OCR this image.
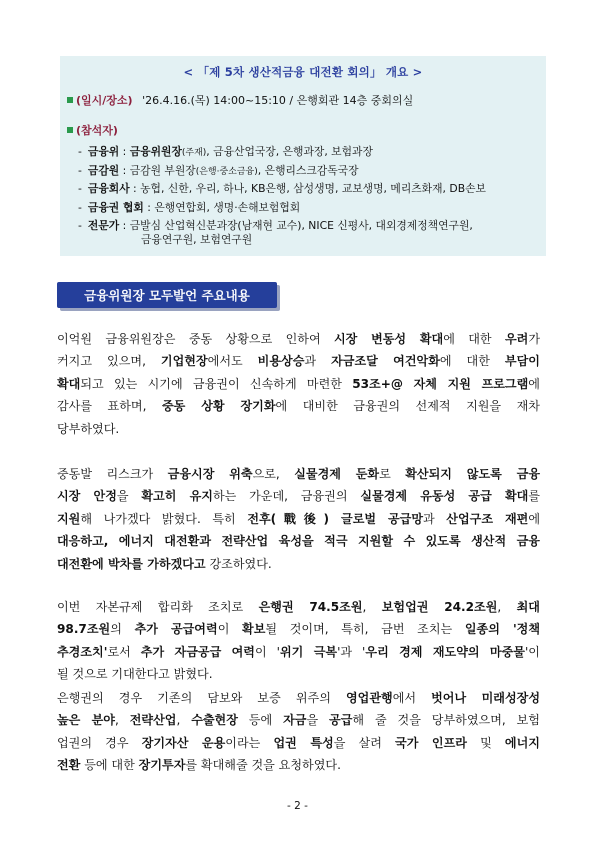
< 「제 5차 생산적금융 대전환 회의」 개요 >
(일시/장소) '26.4.16.(목) 14:00~15:10 / 은행회관 14층 중회의실
(참석자)
- 금융위 : 금융위원장(주재), 금융산업국장, 은행과장, 보험과장
- 금감원 : 금감원 부원장(은행·중소금융), 은행리스크감독국장
- 금융회사 : 농협, 신한, 우리, 하나, KB은행, 삼성생명, 교보생명, 메리츠화재, DB손보
- 금융권 협회 : 은행연합회, 생명·손해보험협회
- 전문가 : 금발심 산업혁신분과장(남재현 교수), NICE 신평사, 대외경제정책연구원,
금융연구원, 보험연구원
금융위원장 모두발언 주요내용
이억원 금융위원장은 중동 상황으로 인하여 시장 변동성 확대에 대한 우려가
커지고 있으며, 기업현장에서도 비용상승과 자금조달 여건악화에 대한 부담이
확대되고 있는 시기에 금융권이 신속하게 마련한 53조+@ 자체 지원 프로그램에
감사를 표하며, 중동 상황 장기화에 대비한 금융권의 선제적 지원을 재차
당부하였다.
중동발 리스크가 금융시장 위축으로, 실물경제 둔화로 확산되지 않도록 금융
시장 안정을 확고히 유지하는 가운데, 금융권의 실물경제 유동성 공급 확대를
지원해 나가겠다 밝혔다. 특히 전후(戰後) 글로벌 공급망과 산업구조 재편에
대응하고, 에너지 대전환과 전략산업 육성을 적극 지원할 수 있도록 생산적 금융
대전환에 박차를 가하겠다고 강조하였다.
이번 자본규제 합리화 조치로 은행권 74.5조원, 보험업권 24.2조원, 최대
98.7조원의 추가 공급여력이 확보될 것이며, 특히, 금번 조치는 일종의 '정책
추경조치'로서 추가 자금공급 여력이 '위기 극복'과 '우리 경제 재도약의 마중물'이
될 것으로 기대한다고 밝혔다.
은행권의 경우 기존의 담보와 보증 위주의 영업관행에서 벗어나 미래성장성
높은 분야, 전략산업, 수출현장 등에 자금을 공급해 줄 것을 당부하였으며, 보험
업권의 경우 장기자산 운용이라는 업권 특성을 살려 국가 인프라 및 에너지
전환 등에 대한 장기투자를 확대해줄 것을 요청하였다.
- 2 -
